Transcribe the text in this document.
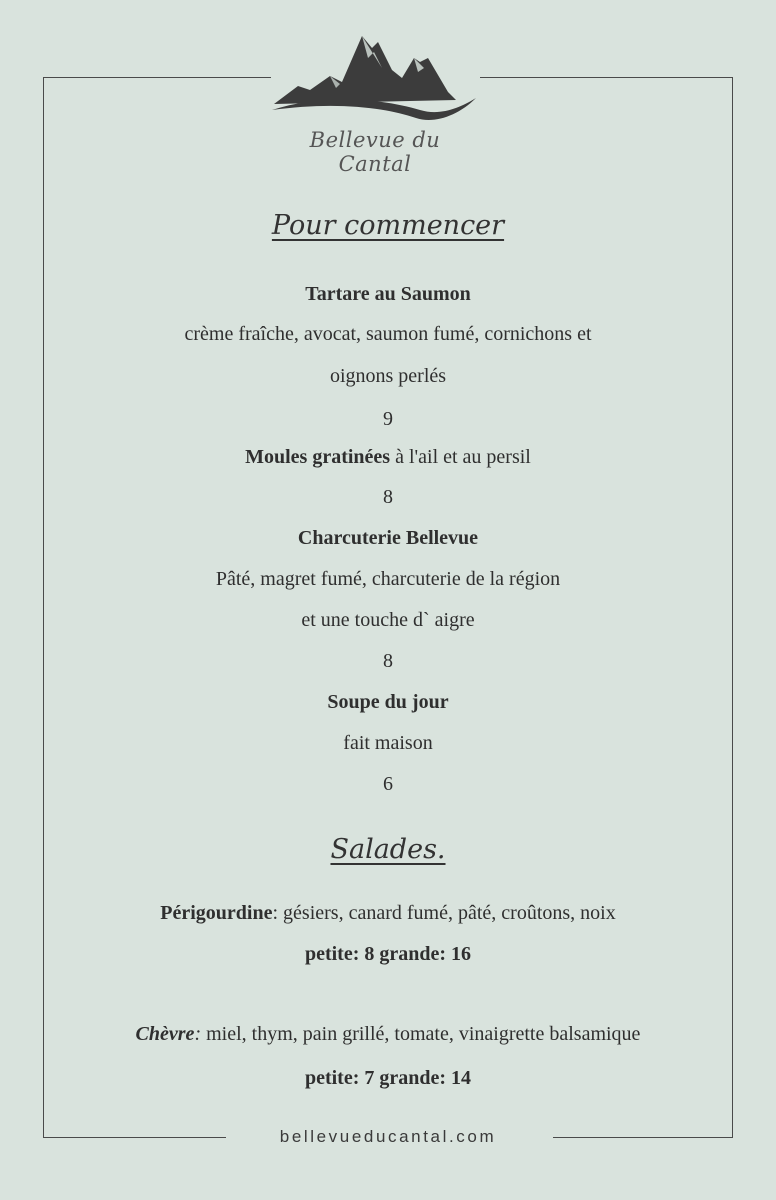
Bellevue du Cantal
Pour commencer
Tartare au Saumon
crème fraîche, avocat, saumon fumé, cornichons et
oignons perlés
9
Moules gratinées à l'ail et au persil
8
Charcuterie Bellevue
Pâté, magret fumé, charcuterie de la région
et une touche d` aigre
8
Soupe du jour
fait maison
6
Salades.
Périgourdine: gésiers, canard fumé, pâté, croûtons, noix
petite: 8 grande: 16
Chèvre: miel, thym, pain grillé, tomate, vinaigrette balsamique
petite: 7 grande: 14
bellevueducantal.com
